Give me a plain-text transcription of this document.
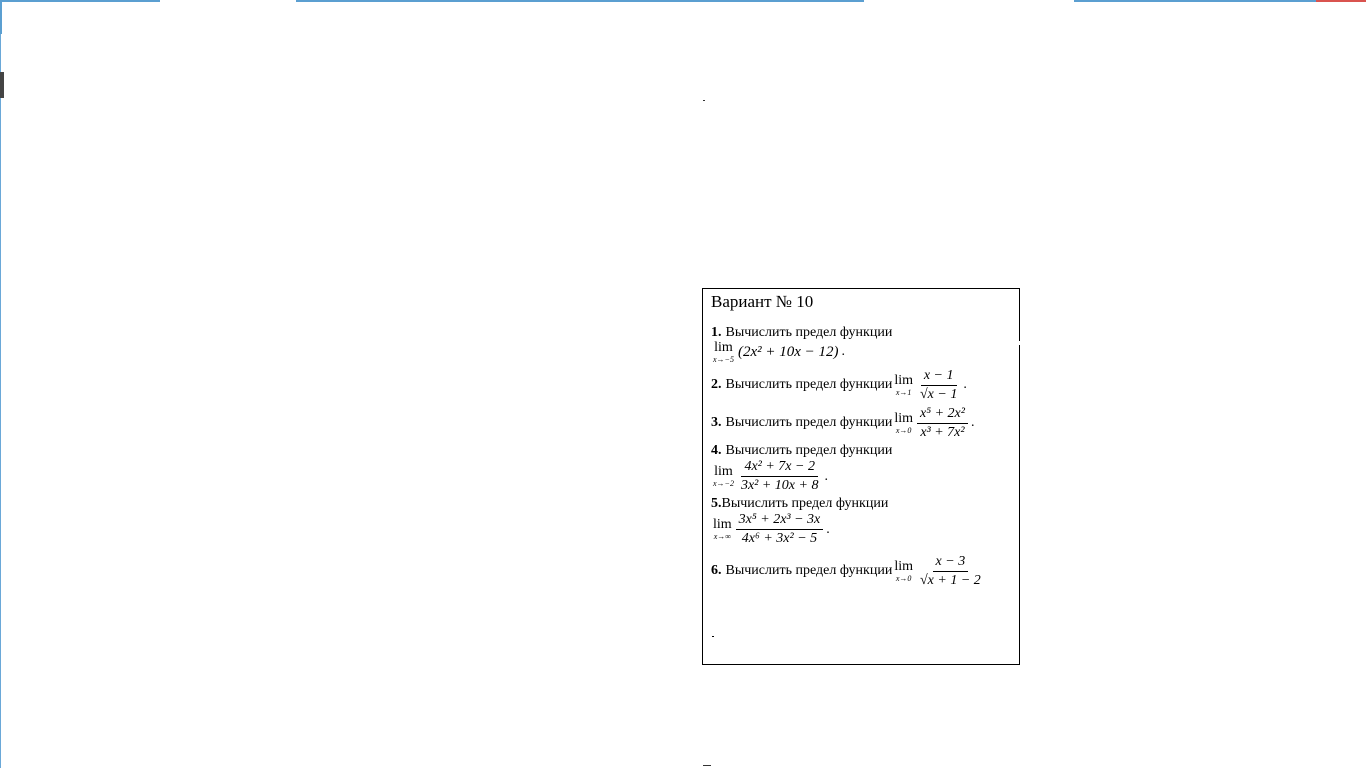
Вариант № 10
1. Вычислить предел функции
lim
x→−5 (2x² + 10x − 12) .
2. Вычислить предел функции lim
$x\to 1 \frac{x - 1}{√x - 1}$ .
3. Вычислить предел функции lim
$x\to 0 \frac{\text{x⁵ + 2x²}}{\text{x³ + 7x²}}$ .
4. Вычислить предел функции
lim
$x\to-2 \frac{\text{4x² + 7x − 2}}{\text{3x² + 10x + 8}}$ .
5. Вычислить предел функции
lim
$x\to\infty \frac{\text{3x⁵ + 2x³ − 3x}}{\text{4x⁶ + 3x² − 5}}$ .
6. Вычислить предел функции lim
$x\to 0 \frac{x - 3}{√x + 1 - 2}$
